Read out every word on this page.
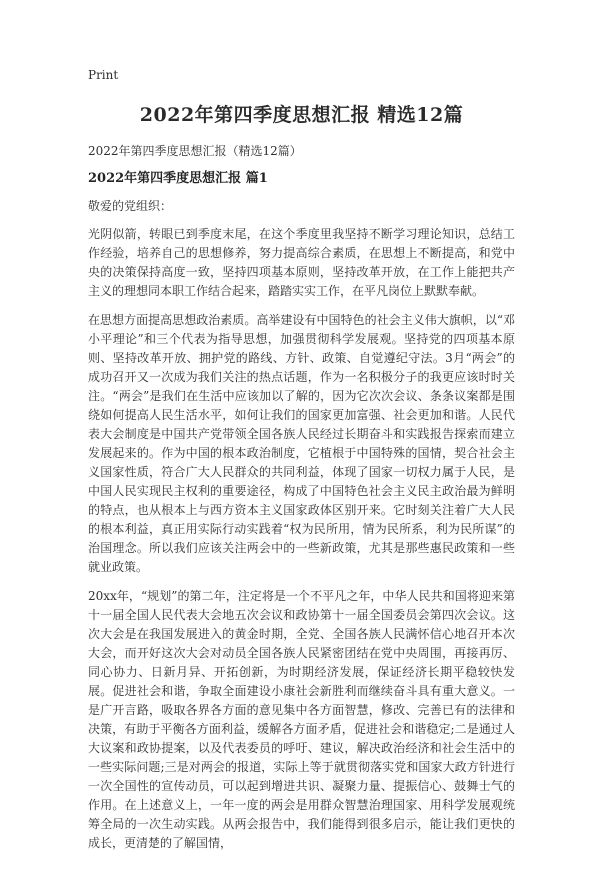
Print
2022年第四季度思想汇报 精选12篇

2022年第四季度思想汇报（精选12篇）

2022年第四季度思想汇报 篇1

敬爱的党组织：

光阴似箭，转眼已到季度末尾，在这个季度里我坚持不断学习理论知识，总结工作经验，培养自己的思想修养，努力提高综合素质，在思想上不断提高，和党中央的决策保持高度一致，坚持四项基本原则，坚持改革开放，在工作上能把共产主义的理想同本职工作结合起来，踏踏实实工作，在平凡岗位上默默奉献。

在思想方面提高思想政治素质。高举建设有中国特色的社会主义伟大旗帜，以“邓小平理论”和三个代表为指导思想，加强贯彻科学发展观。坚持党的四项基本原则、坚持改革开放、拥护党的路线、方针、政策、自觉遵纪守法。3月“两会”的成功召开又一次成为我们关注的热点话题，作为一名积极分子的我更应该时时关注。“两会”是我们在生活中应该加以了解的，因为它次次会议、条条议案都是围绕如何提高人民生活水平，如何让我们的国家更加富强、社会更加和谐。人民代表大会制度是中国共产党带领全国各族人民经过长期奋斗和实践报告探索而建立发展起来的。作为中国的根本政治制度，它植根于中国特殊的国情，契合社会主义国家性质，符合广大人民群众的共同利益，体现了国家一切权力属于人民，是中国人民实现民主权利的重要途径，构成了中国特色社会主义民主政治最为鲜明的特点，也从根本上与西方资本主义国家政体区别开来。它时刻关注着广大人民的根本利益，真正用实际行动实践着“权为民所用，情为民所系，利为民所谋”的治国理念。所以我们应该关注两会中的一些新政策，尤其是那些惠民政策和一些就业政策。

20xx年，“规划”的第二年，注定将是一个不平凡之年，中华人民共和国将迎来第十一届全国人民代表大会地五次会议和政协第十一届全国委员会第四次会议。这次大会是在我国发展进入的黄金时期，全党、全国各族人民满怀信心地召开本次大会，而开好这次大会对动员全国各族人民紧密团结在党中央周围，再接再厉、同心协力、日新月异、开拓创新，为时期经济发展，保证经济长期平稳较快发展。促进社会和谐，争取全面建设小康社会新胜利而继续奋斗具有重大意义。一是广开言路，吸取各界各方面的意见集中各方面智慧，修改、完善已有的法律和决策，有助于平衡各方面利益，缓解各方面矛盾，促进社会和谐稳定;二是通过人大议案和政协提案，以及代表委员的呼吁、建议，解决政治经济和社会生活中的一些实际问题;三是对两会的报道，实际上等于就贯彻落实党和国家大政方针进行一次全国性的宣传动员，可以起到增进共识、凝聚力量、提振信心、鼓舞士气的作用。在上述意义上，一年一度的两会是用群众智慧治理国家、用科学发展观统筹全局的一次生动实践。从两会报告中，我们能得到很多启示，能让我们更快的成长，更清楚的了解国情，
